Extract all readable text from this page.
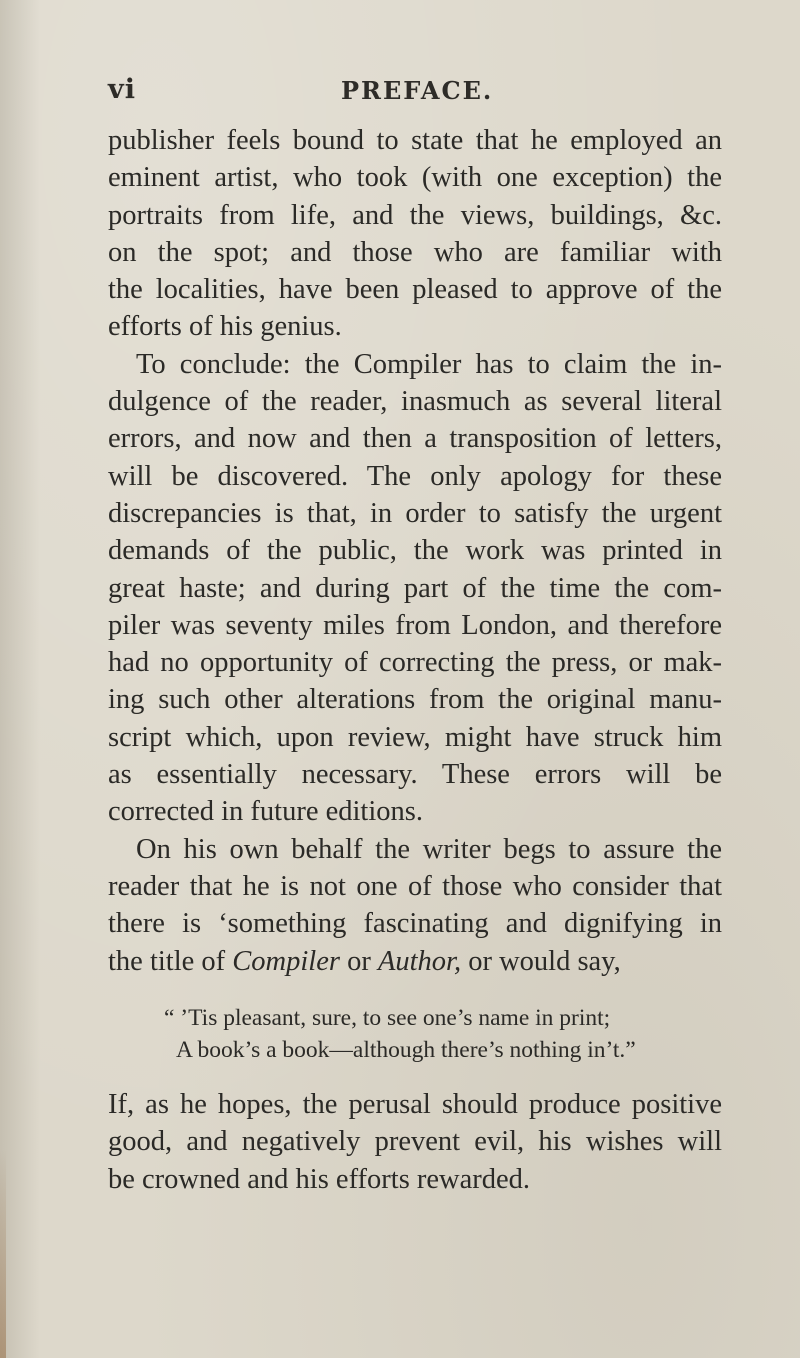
vi	PREFACE.
publisher feels bound to state that he employed an
eminent artist, who took (with one exception) the
portraits from life, and the views, buildings, &c.
on the spot; and those who are familiar with
the localities, have been pleased to approve of the
efforts of his genius.
To conclude: the Compiler has to claim the in-
dulgence of the reader, inasmuch as several literal
errors, and now and then a transposition of letters,
will be discovered. The only apology for these
discrepancies is that, in order to satisfy the urgent
demands of the public, the work was printed in
great haste; and during part of the time the com-
piler was seventy miles from London, and therefore
had no opportunity of correcting the press, or mak-
ing such other alterations from the original manu-
script which, upon review, might have struck him
as essentially necessary. These errors will be
corrected in future editions.
On his own behalf the writer begs to assure the
reader that he is not one of those who consider that
there is ‘something fascinating and dignifying in
the title of Compiler or Author, or would say,
“ ’Tis pleasant, sure, to see one’s name in print;
A book’s a book—although there’s nothing in’t.”
If, as he hopes, the perusal should produce positive
good, and negatively prevent evil, his wishes will
be crowned and his efforts rewarded.
